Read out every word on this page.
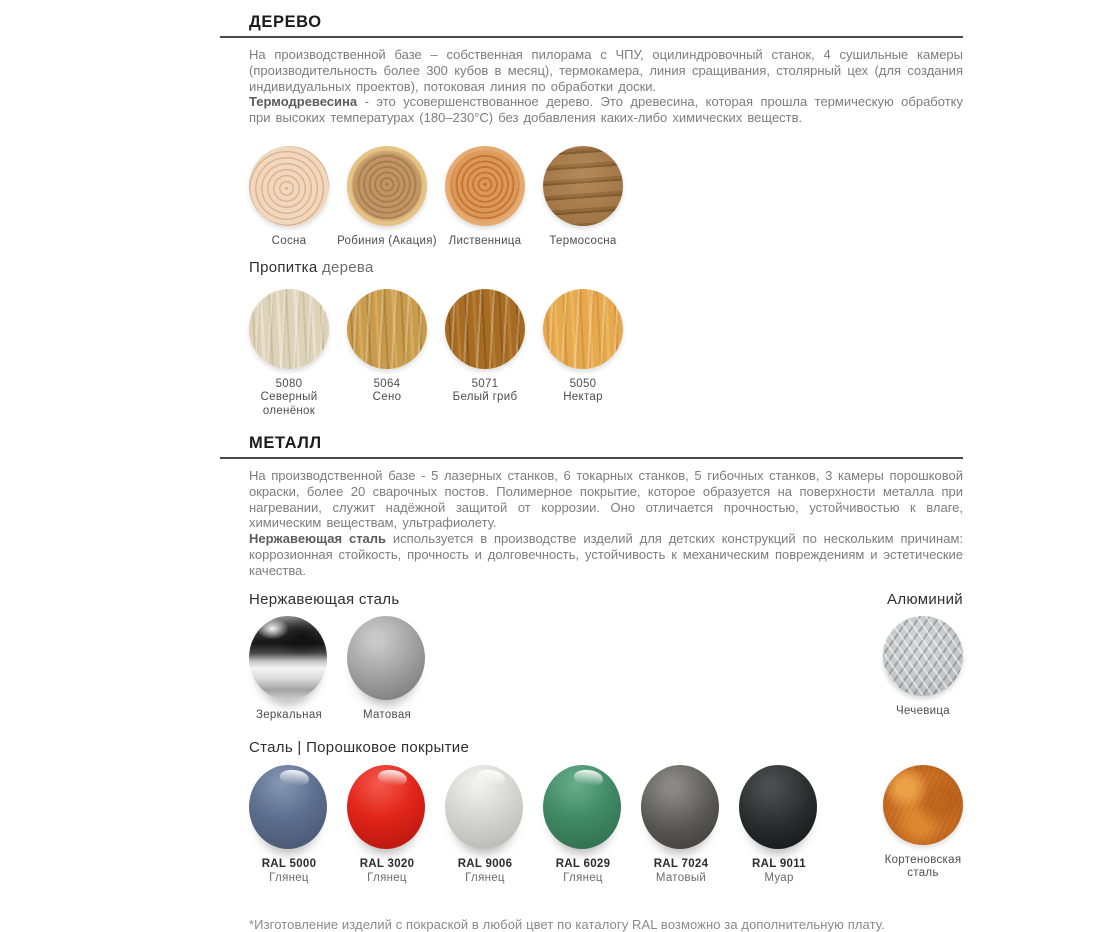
ДЕРЕВО

На производственной базе – собственная пилорама с ЧПУ, оцилиндровочный станок, 4 сушильные камеры (производительность более 300 кубов в месяц), термокамера, линия сращивания, столярный цех (для создания индивидуальных проектов), потоковая линия по обработки доски.
Термодревесина - это усовершенствованное дерево. Это древесина, которая прошла термическую обработку при высоких температурах (180–230°С) без добавления каких-либо химических веществ.

Сосна	Робиния (Акация)	Лиственница	Термососна
Пропитка дерева
5080
Северный оленёнок
5064
Сено
5071
Белый гриб
5050
Нектар
МЕТАЛЛ

На производственной базе - 5 лазерных станков, 6 токарных станков, 5 гибочных станков, 3 камеры порошковой окраски, более 20 сварочных постов. Полимерное покрытие, которое образуется на поверхности металла при нагревании, служит надёжной защитой от коррозии. Оно отличается прочностью, устойчивостью к влаге, химическим веществам, ультрафиолету.
Нержавеющая сталь используется в производстве изделий для детских конструкций по нескольким причинам: коррозионная стойкость, прочность и долговечность, устойчивость к механическим повреждениям и эстетические качества.

Нержавеющая сталь	Алюминий
Зеркальная	Матовая	Чечевица
Сталь | Порошковое покрытие
RAL 5000
Глянец
RAL 3020
Глянец
RAL 9006
Глянец
RAL 6029
Глянец
RAL 7024
Матовый
RAL 9011
Муар
Кортеновская сталь

*Изготовление изделий с покраской в любой цвет по каталогу RAL возможно за дополнительную плату.
